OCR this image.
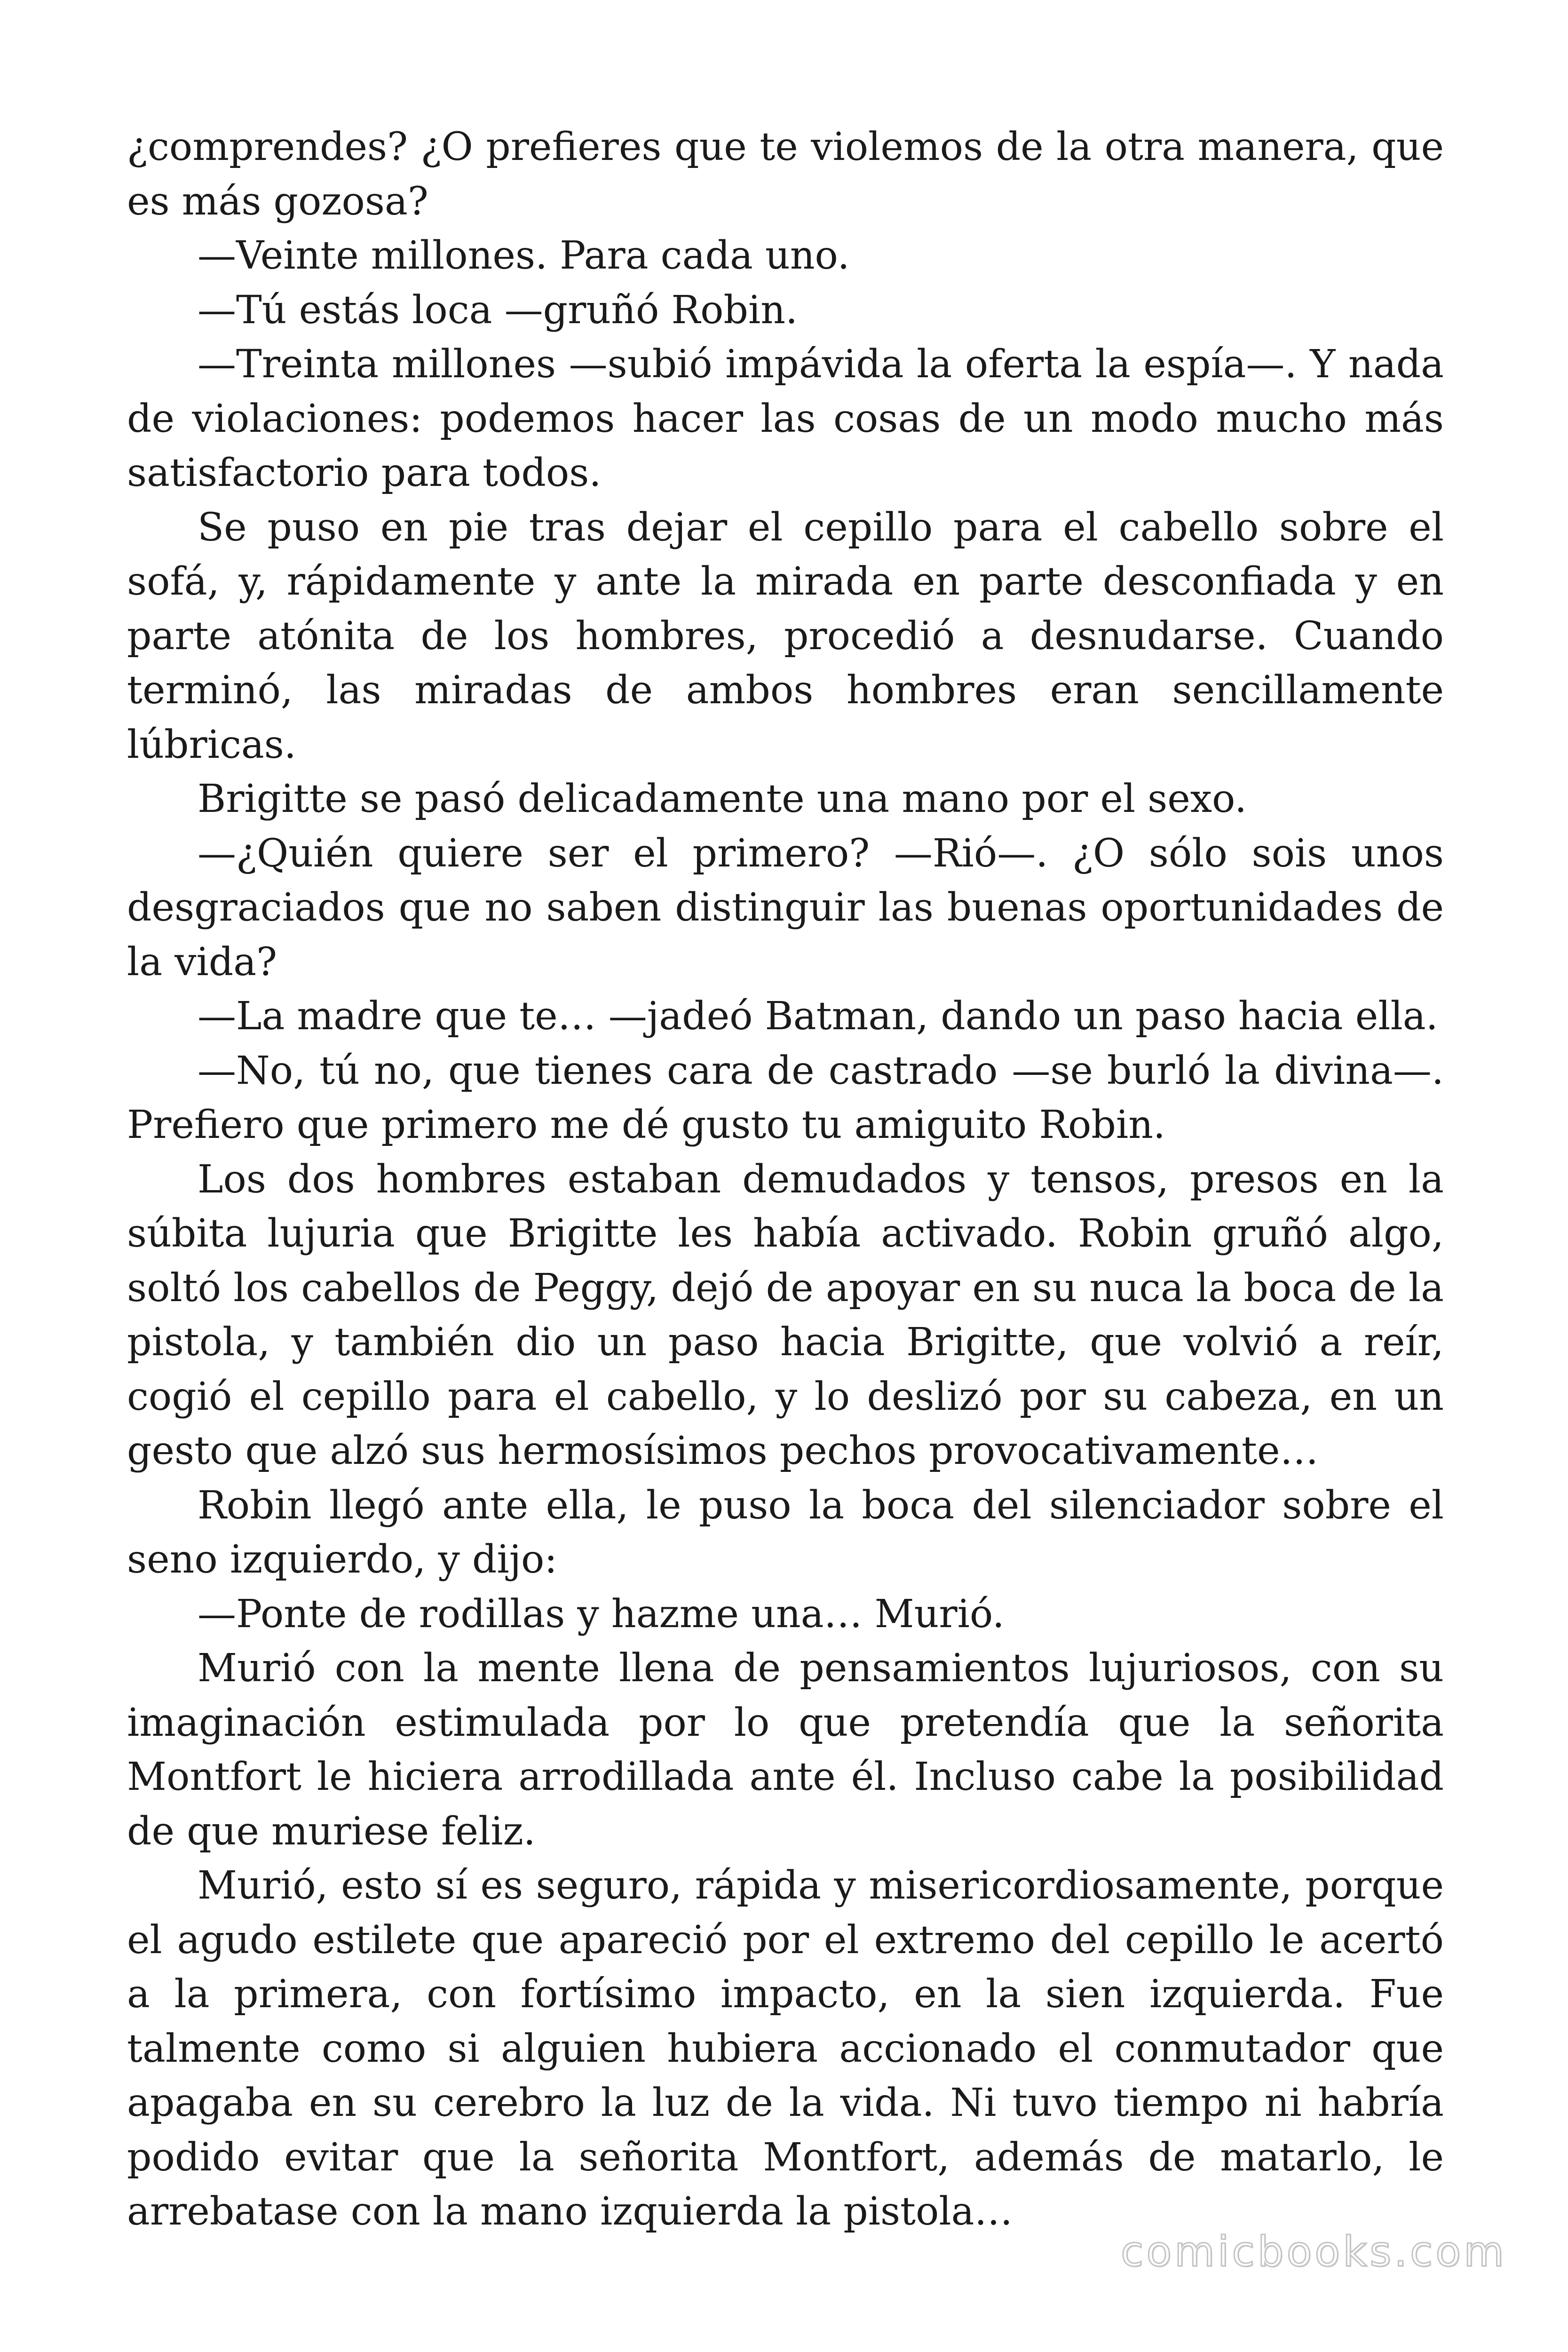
¿comprendes? ¿O prefieres que te violemos de la otra manera, que es más gozosa?

—Veinte millones. Para cada uno.

—Tú estás loca —gruñó Robin.

—Treinta millones —subió impávida la oferta la espía—. Y nada de violaciones: podemos hacer las cosas de un modo mucho más satisfactorio para todos.

Se puso en pie tras dejar el cepillo para el cabello sobre el sofá, y, rápidamente y ante la mirada en parte desconfiada y en parte atónita de los hombres, procedió a desnudarse. Cuando terminó, las miradas de ambos hombres eran sencillamente lúbricas.

Brigitte se pasó delicadamente una mano por el sexo.

—¿Quién quiere ser el primero? —Rió—. ¿O sólo sois unos desgraciados que no saben distinguir las buenas oportunidades de la vida?

—La madre que te… —jadeó Batman, dando un paso hacia ella.

—No, tú no, que tienes cara de castrado —se burló la divina—. Prefiero que primero me dé gusto tu amiguito Robin.

Los dos hombres estaban demudados y tensos, presos en la súbita lujuria que Brigitte les había activado. Robin gruñó algo, soltó los cabellos de Peggy, dejó de apoyar en su nuca la boca de la pistola, y también dio un paso hacia Brigitte, que volvió a reír, cogió el cepillo para el cabello, y lo deslizó por su cabeza, en un gesto que alzó sus hermosísimos pechos provocativamente…

Robin llegó ante ella, le puso la boca del silenciador sobre el seno izquierdo, y dijo:

—Ponte de rodillas y hazme una… Murió.

Murió con la mente llena de pensamientos lujuriosos, con su imaginación estimulada por lo que pretendía que la señorita Montfort le hiciera arrodillada ante él. Incluso cabe la posibilidad de que muriese feliz.

Murió, esto sí es seguro, rápida y misericordiosamente, porque el agudo estilete que apareció por el extremo del cepillo le acertó a la primera, con fortísimo impacto, en la sien izquierda. Fue talmente como si alguien hubiera accionado el conmutador que apagaba en su cerebro la luz de la vida. Ni tuvo tiempo ni habría podido evitar que la señorita Montfort, además de matarlo, le arrebatase con la mano izquierda la pistola…

comicbooks.com
